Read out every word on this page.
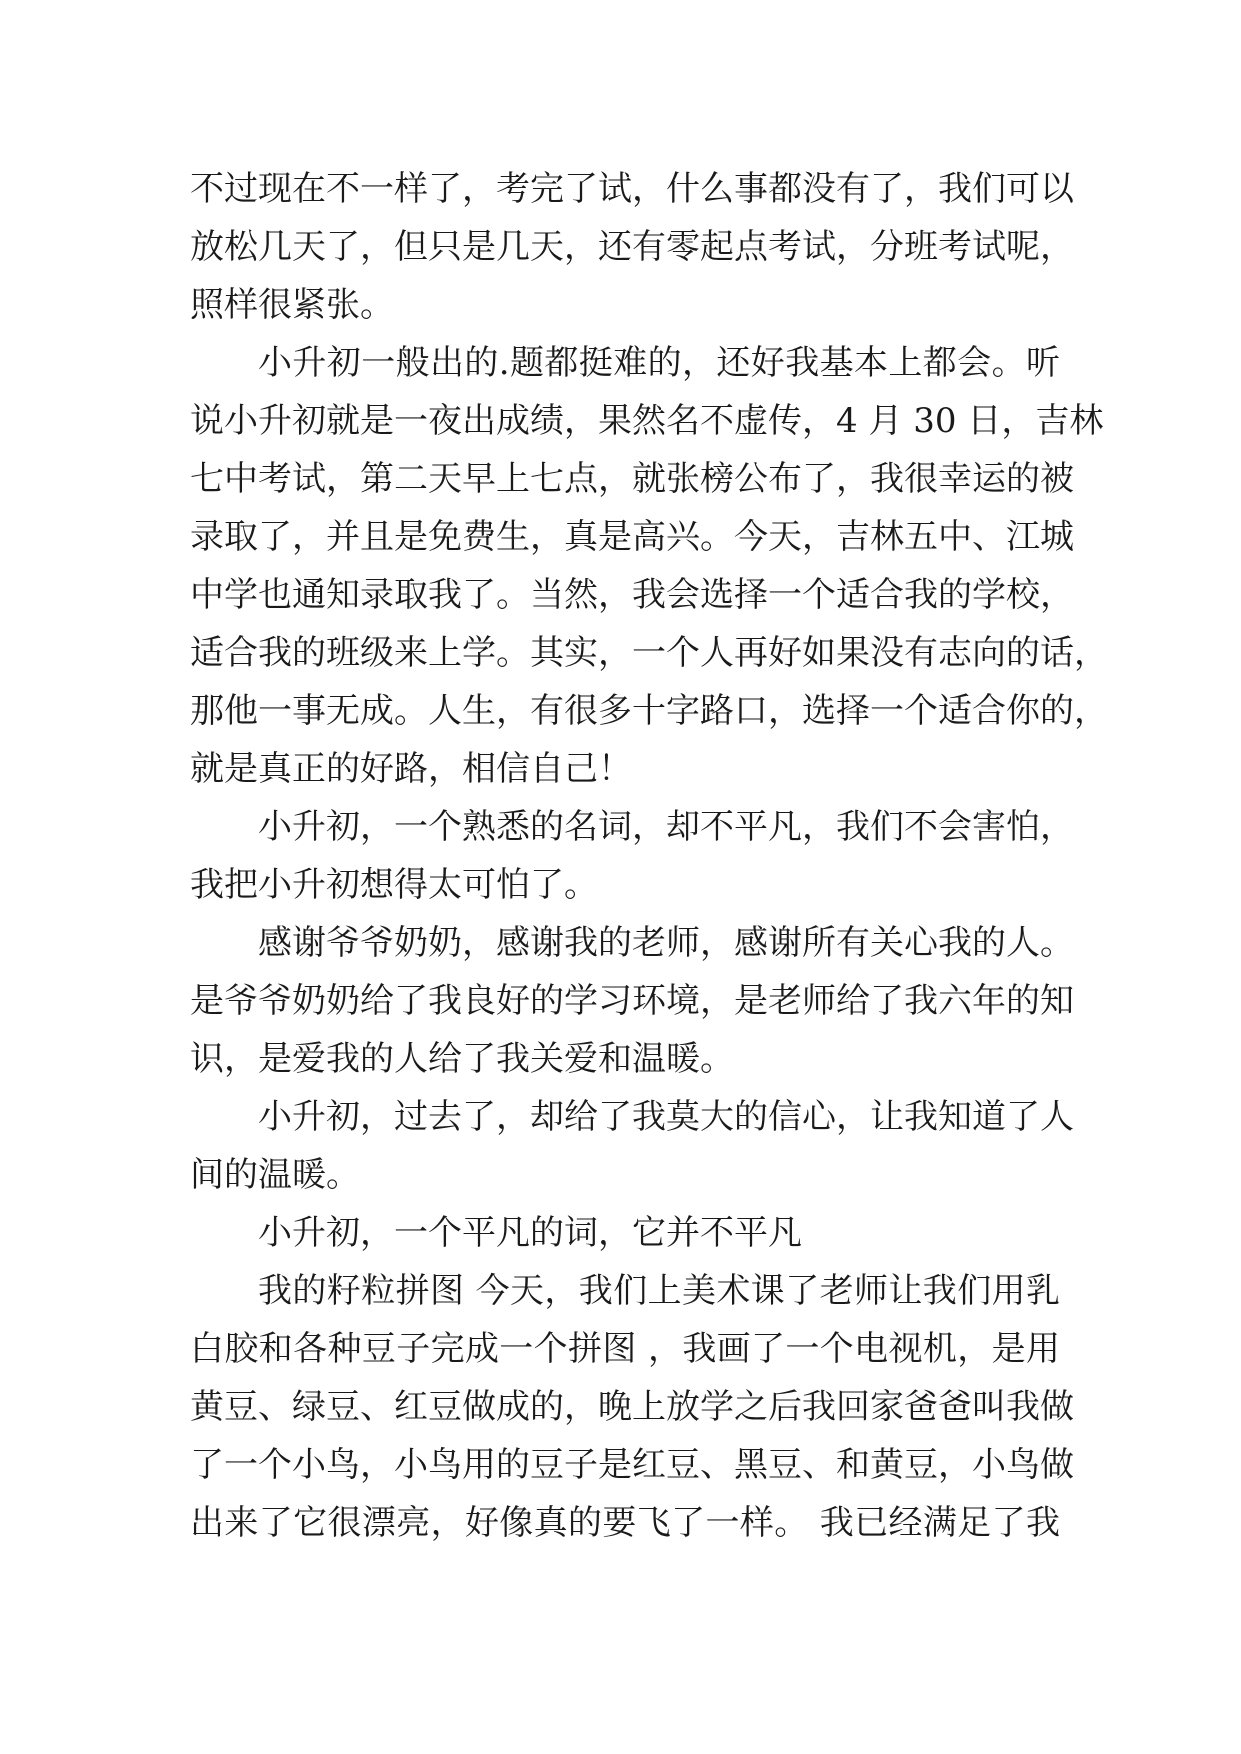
不过现在不一样了，考完了试，什么事都没有了，我们可以
放松几天了，但只是几天，还有零起点考试，分班考试呢，
照样很紧张。
小升初一般出的.题都挺难的，还好我基本上都会。听
说小升初就是一夜出成绩，果然名不虚传，4 月 30 日，吉林
七中考试，第二天早上七点，就张榜公布了，我很幸运的被
录取了，并且是免费生，真是高兴。今天，吉林五中、江城
中学也通知录取我了。当然，我会选择一个适合我的学校，
适合我的班级来上学。其实，一个人再好如果没有志向的话，
那他一事无成。人生，有很多十字路口，选择一个适合你的，
就是真正的好路，相信自己！
小升初，一个熟悉的名词，却不平凡，我们不会害怕，
我把小升初想得太可怕了。
感谢爷爷奶奶，感谢我的老师，感谢所有关心我的人。
是爷爷奶奶给了我良好的学习环境，是老师给了我六年的知
识，是爱我的人给了我关爱和温暖。
小升初，过去了，却给了我莫大的信心，让我知道了人
间的温暖。
小升初，一个平凡的词，它并不平凡
我的籽粒拼图 今天，我们上美术课了老师让我们用乳
白胶和各种豆子完成一个拼图 ，我画了一个电视机，是用
黄豆、绿豆、红豆做成的，晚上放学之后我回家爸爸叫我做
了一个小鸟，小鸟用的豆子是红豆、黑豆、和黄豆，小鸟做
出来了它很漂亮，好像真的要飞了一样。 我已经满足了我
